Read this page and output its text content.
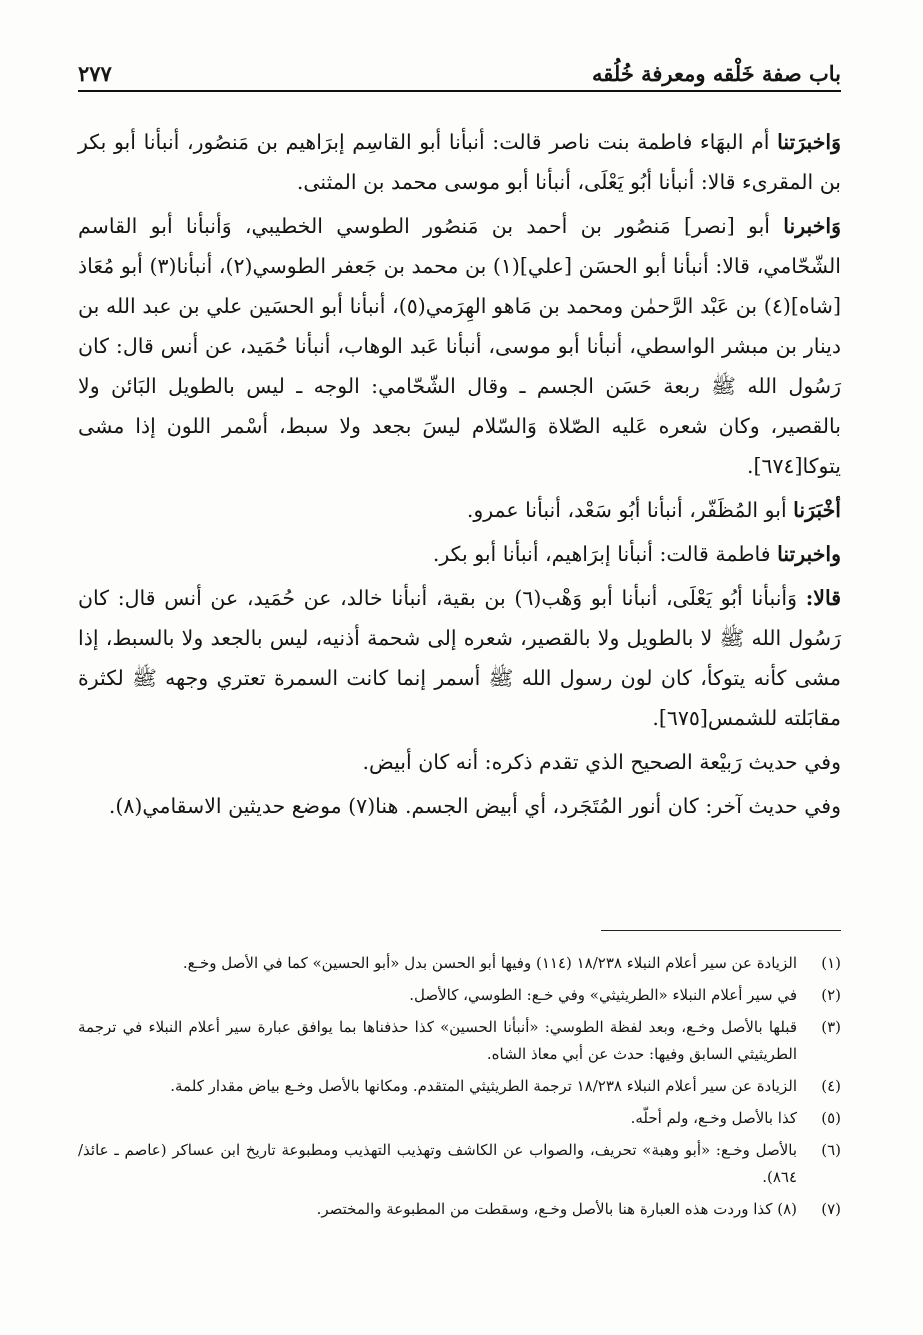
باب صفة خَلْقه ومعرفة خُلُقه
٢٧٧

وَاخبرَتنا أم البهَاء فاطمة بنت ناصر قالت: أنبأنا أبو القاسِم إبرَاهيم بن مَنصُور، أنبأنا أبو بكر بن المقرىء قالا: أنبأنا أبُو يَعْلَى، أنبأنا أبو موسى محمد بن المثنى.

وَاخبرنا أبو [نصر] مَنصُور بن أحمد بن مَنصُور الطوسي الخطيبي، وَأنبأنا أبو القاسم الشّحّامي، قالا: أنبأنا أبو الحسَن [علي](١) بن محمد بن جَعفر الطوسي(٢)، أنبأنا(٣) أبو مُعَاذ [شاه](٤) بن عَبْد الرَّحمٰن ومحمد بن مَاهو الهِرَمي(٥)، أنبأنا أبو الحسَين علي بن عبد الله بن دينار بن مبشر الواسطي، أنبأنا أبو موسى، أنبأنا عَبد الوهاب، أنبأنا حُمَيد، عن أنس قال: كان رَسُول الله ﷺ ربعة حَسَن الجسم ـ وقال الشّحّامي: الوجه ـ ليس بالطويل البَائن ولا بالقصير، وكان شعره عَليه الصّلاة وَالسّلام ليسَ بجعد ولا سبط، أسْمر اللون إذا مشى يتوكا[٦٧٤].

أخْبَرَنا أبو المُظَفّر، أنبأنا أبُو سَعْد، أنبأنا عمرو.

واخبرتنا فاطمة قالت: أنبأنا إبرَاهيم، أنبأنا أبو بكر.

قالا: وَأنبأنا أبُو يَعْلَى، أنبأنا أبو وَهْب(٦) بن بقية، أنبأنا خالد، عن حُمَيد، عن أنس قال: كان رَسُول الله ﷺ لا بالطويل ولا بالقصير، شعره إلى شحمة أذنيه، ليس بالجعد ولا بالسبط، إذا مشى كأنه يتوكأ، كان لون رسول الله ﷺ أسمر إنما كانت السمرة تعتري وجهه ﷺ لكثرة مقابَلته للشمس[٦٧٥].

وفي حديث رَبيْعة الصحيح الذي تقدم ذكره: أنه كان أبيض.

وفي حديث آخر: كان أنور المُتَجَرد، أي أبيض الجسم. هنا(٧) موضع حديثين الاسقامي(٨).

(١)
الزيادة عن سير أعلام النبلاء ١٨/٢٣٨ (١١٤) وفيها أبو الحسن بدل «أبو الحسين» كما في الأصل وخـع.
(٢)
في سير أعلام النبلاء «الطريثيثي» وفي خـع: الطوسي، كالأصل.
(٣)
قبلها بالأصل وخـع، وبعد لفظة الطوسي: «أنبأنا الحسين» كذا حذفناها بما يوافق عبارة سير أعلام النبلاء في ترجمة الطريثيثي السابق وفيها: حدث عن أبي معاذ الشاه.
(٤)
الزيادة عن سير أعلام النبلاء ١٨/٢٣٨ ترجمة الطريثيثي المتقدم. ومكانها بالأصل وخـع بياض مقدار كلمة.
(٥)
كذا بالأصل وخـع، ولم أحلّه.
(٦)
بالأصل وخـع: «أبو وهبة» تحريف، والصواب عن الكاشف وتهذيب التهذيب ومطبوعة تاريخ ابن عساكر (عاصم ـ عائذ/ ٨٦٤).
(٧)
(٨) كذا وردت هذه العبارة هنا بالأصل وخـع، وسقطت من المطبوعة والمختصر.
